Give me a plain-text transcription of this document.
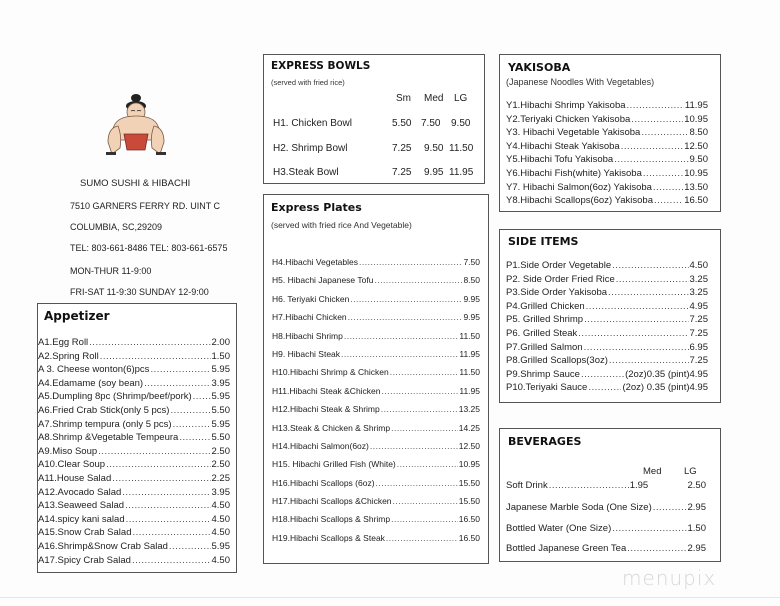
SUMO SUSHI & HIBACHI
7510 GARNERS FERRY RD. UINT C
COLUMBIA, SC,29209
TEL: 803-661-8486 TEL: 803-661-6575
MON-THUR 11-9:00
FRI-SAT 11-9:30 SUNDAY 12-9:00
Appetizer
A1.Egg Roll .....	2.00
A2.Spring Roll .....	1.50
A 3. Cheese wonton(6)pcs .....	5.95
A4.Edamame (soy bean) .....	3.95
A5.Dumpling 8pc (Shrimp/beef/pork) ..... 5.95
A6.Fried Crab Stick(only 5 pcs) .....	5.50
A7.Shrimp tempura (only 5 pcs) .....	5.95
A8.Shrimp &Vegetable Tempeura .....	5.50
A9.Miso Soup .....	2.50
A10.Clear Soup .....	2.50
A11.House Salad .....	2.25
A12.Avocado Salad .....	3.95
A13.Seaweed Salad .....	4.50
A14.spicy kani salad .....	4.50
A15.Snow Crab Salad .....	4.50
A16.Shrimp&Snow Crab Salad .....	5.95
A17.Spicy Crab Salad .....	4.50
EXPRESS BOWLS
(served with fried rice)
Sm Med LG
H1. Chicken Bowl	5.50 7.50 9.50
H2. Shrimp Bowl	7.25 9.50 11.50
H3.Steak Bowl	7.25 9.95 11.95
Express Plates
(served with fried rice And Vegetable)
H4.Hibachi Vegetables .....	7.50
H5. Hibachi Japanese Tofu .....	8.50
H6. Teriyaki Chicken .....	9.95
H7.Hibachi Chicken .....	9.95
H8.Hibachi Shrimp .....	11.50
H9. Hibachi Steak .....	11.95
H10.Hibachi Shrimp & Chicken .....	11.50
H11.Hibachi Steak &Chicken .....	11.95
H12.Hibachi Steak & Shrimp .....	13.25
H13.Steak & Chicken & Shrimp .....	14.25
H14.Hibachi Salmon(6oz) .....	12.50
H15. Hibachi Grilled Fish (White) .....	10.95
H16.Hibachi Scallops (6oz) .....	15.50
H17.Hibachi Scallops &Chicken .....	15.50
H18.Hibachi Scallops & Shrimp .....	16.50
H19.Hibachi Scallops & Steak .....	16.50
YAKISOBA
(Japanese Noodles With Vegetables)
Y1.Hibachi Shrimp Yakisoba .....	11.95
Y2.Teriyaki Chicken Yakisoba .....	10.95
Y3. Hibachi Vegetable Yakisoba .....	8.50
Y4.Hibachi Steak Yakisoba .....	12.50
Y5.Hibachi Tofu Yakisoba .....	9.50
Y6.Hibachi Fish(white) Yakisoba .....	10.95
Y7. Hibachi Salmon(6oz) Yakisoba .....	13.50
Y8.Hibachi Scallops(6oz) Yakisoba .....	16.50
SIDE ITEMS
P1.Side Order Vegetable .....	4.50
P2. Side Order Fried Rice .....	3.25
P3.Side Order Yakisoba .....	3.25
P4.Grilled Chicken .....	4.95
P5. Grilled Shrimp .....	7.25
P6. Grilled Steak .....	7.25
P7.Grilled Salmon .....	6.95
P8.Grilled Scallops(3oz) .....	7.25
P9.Shrimp Sauce .....	(2oz)0.35 (pint)4.95
P10.Teriyaki Sauce .....	(2oz) 0.35 (pint)4.95
BEVERAGES
Med LG
Soft Drink .....	1.95	2.50
Japanese Marble Soda (One Size) .....	2.95
Bottled Water (One Size) .....	1.50
Bottled Japanese Green Tea .....	2.95
menupix
